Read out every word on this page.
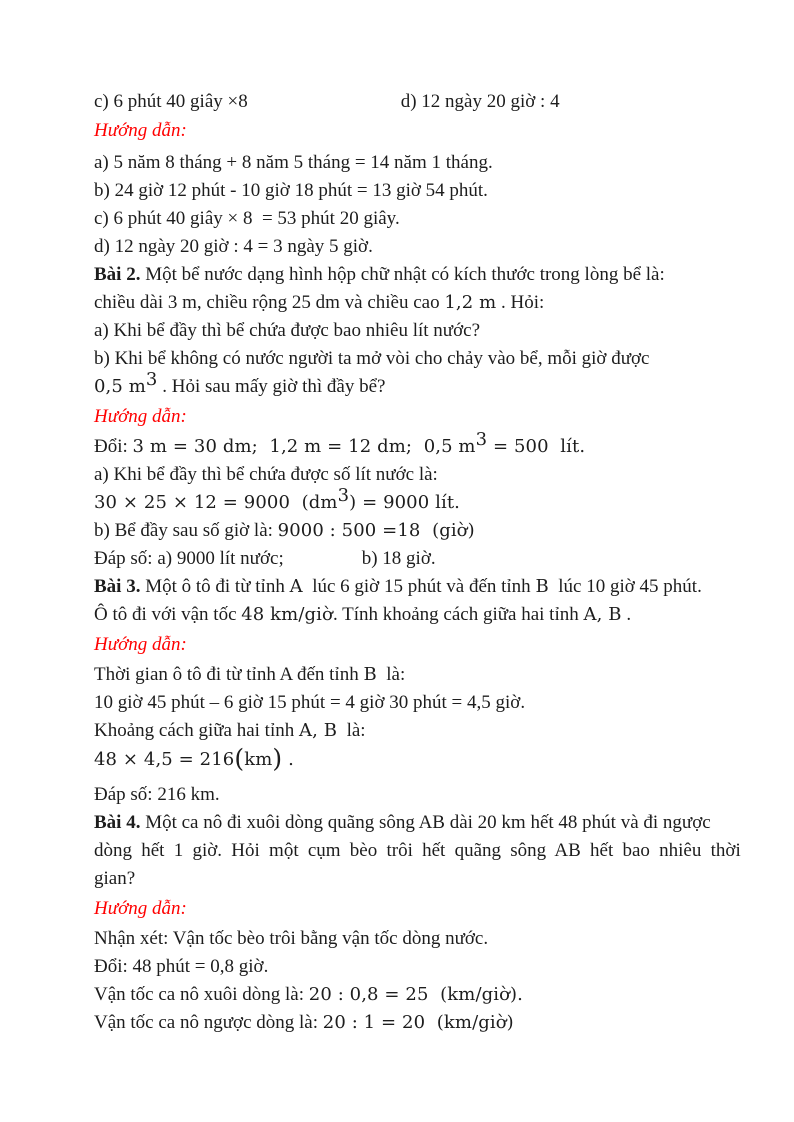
c) 6 phút 40 giây ×8	d) 12 ngày 20 giờ : 4
Hướng dẫn:
a) 5 năm 8 tháng + 8 năm 5 tháng = 14 năm 1 tháng.
b) 24 giờ 12 phút - 10 giờ 18 phút = 13 giờ 54 phút.
c) 6 phút 40 giây × 8  = 53 phút 20 giây.
d) 12 ngày 20 giờ : 4 = 3 ngày 5 giờ.
Bài 2. Một bể nước dạng hình hộp chữ nhật có kích thước trong lòng bể là:
chiều dài 3 m, chiều rộng 25 dm và chiều cao 1,2 m . Hỏi:
a) Khi bể đầy thì bể chứa được bao nhiêu lít nước?
b) Khi bể không có nước người ta mở vòi cho chảy vào bể, mỗi giờ được
0,5 m3 . Hỏi sau mấy giờ thì đầy bể?
Hướng dẫn:
Đổi: 3 m = 30 dm;  1,2 m = 12 dm;  0,5 m3 = 500  lít.
a) Khi bể đầy thì bể chứa được số lít nước là:
30 × 25 × 12 = 9000  (dm3) = 9000 lít.
b) Bể đầy sau số giờ là: 9000 : 500 =18  (giờ)
Đáp số: a) 9000 lít nước;	b) 18 giờ.
Bài 3. Một ô tô đi từ tỉnh A  lúc 6 giờ 15 phút và đến tỉnh B  lúc 10 giờ 45 phút.
Ô tô đi với vận tốc 48 km/giờ. Tính khoảng cách giữa hai tỉnh A, B .
Hướng dẫn:
Thời gian ô tô đi từ tỉnh A đến tỉnh B  là:
10 giờ 45 phút – 6 giờ 15 phút = 4 giờ 30 phút = 4,5 giờ.
Khoảng cách giữa hai tỉnh A, B  là:
48 × 4,5 = 216(km) .
Đáp số: 216 km.
Bài 4. Một ca nô đi xuôi dòng quãng sông AB dài 20 km hết 48 phút và đi ngược
dòng hết 1 giờ. Hỏi một cụm bèo trôi hết quãng sông AB hết bao nhiêu thời
gian?
Hướng dẫn:
Nhận xét: Vận tốc bèo trôi bằng vận tốc dòng nước.
Đổi: 48 phút = 0,8 giờ.
Vận tốc ca nô xuôi dòng là: 20 : 0,8 = 25  (km/giờ).
Vận tốc ca nô ngược dòng là: 20 : 1 = 20  (km/giờ)
